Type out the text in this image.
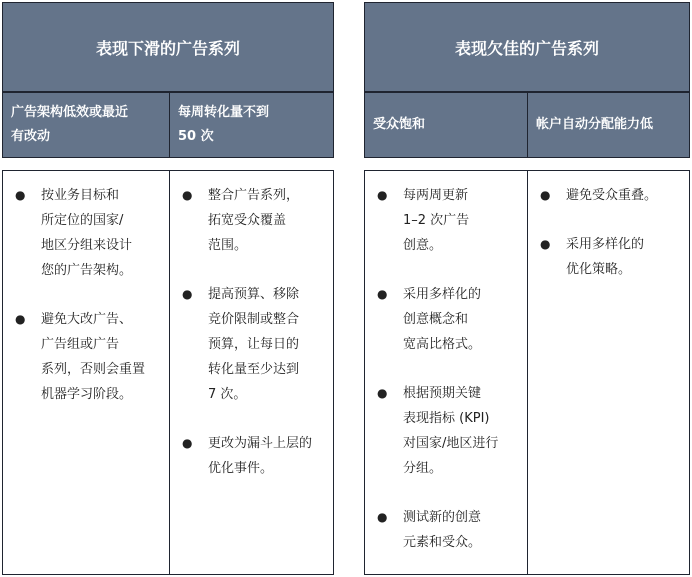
表现下滑的广告系列
广告架构低效或最近
有改动
每周转化量不到
50 次
● 按业务目标和
所定位的国家/
地区分组来设计
您的广告架构。
● 避免大改广告、
广告组或广告
系列，否则会重置
机器学习阶段。
● 整合广告系列，
拓宽受众覆盖
范围。
● 提高预算、移除
竞价限制或整合
预算，让每日的
转化量至少达到
7 次。
● 更改为漏斗上层的
优化事件。
表现欠佳的广告系列
受众饱和	帐户自动分配能力低
● 每两周更新
1–2 次广告
创意。
● 采用多样化的
创意概念和
宽高比格式。
● 根据预期关键
表现指标 (KPI)
对国家/地区进行
分组。
● 测试新的创意
元素和受众。
● 避免受众重叠。
● 采用多样化的
优化策略。
